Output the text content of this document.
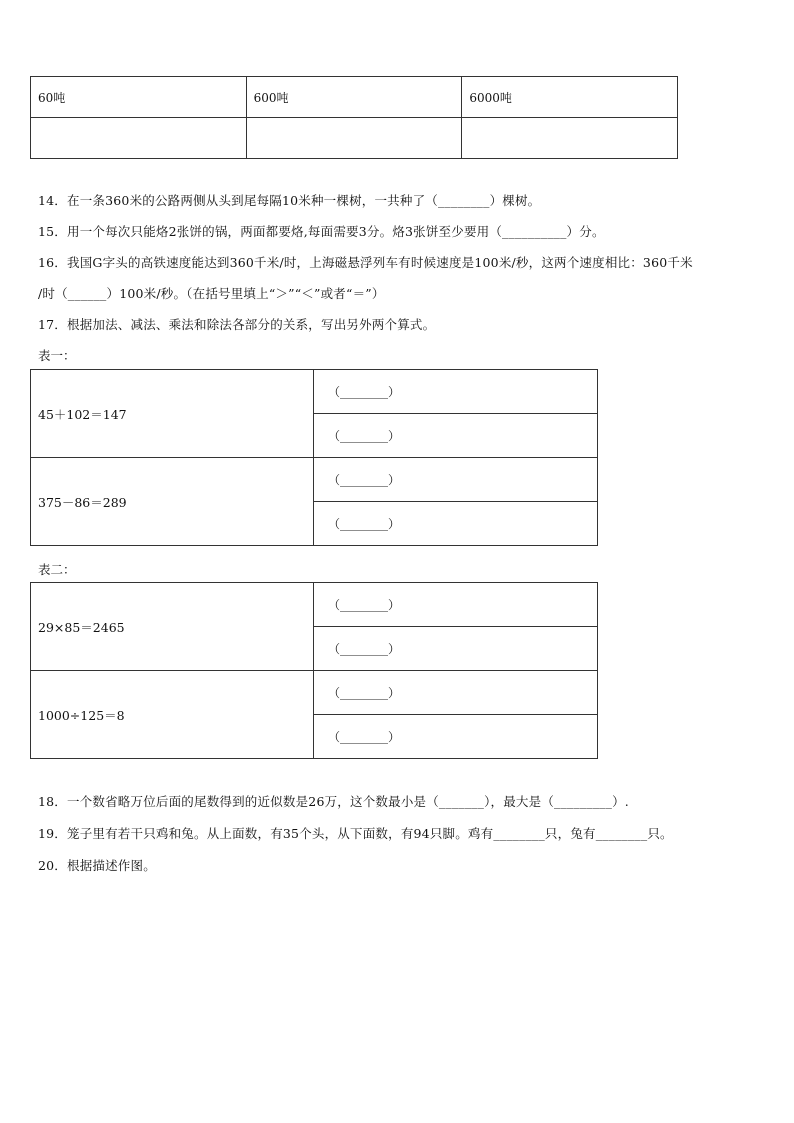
60吨	600吨	6000吨

14．在一条360米的公路两侧从头到尾每隔10米种一棵树，一共种了（________）棵树。
15．用一个每次只能烙2张饼的锅，两面都要烙,每面需要3分。烙3张饼至少要用（__________）分。
16．我国G字头的高铁速度能达到360千米/时，上海磁悬浮列车有时候速度是100米/秒，这两个速度相比：360千米
/时（______）100米/秒。（在括号里填上“＞”“＜”或者“＝”）
17．根据加法、减法、乘法和除法各部分的关系，写出另外两个算式。
表一：
45＋102＝147	（________）
	（________）
375－86＝289	（________）
	（________）
表二：
29×85＝2465	（________）
	（________）
1000÷125＝8	（________）
	（________）
18．一个数省略万位后面的尾数得到的近似数是26万，这个数最小是（_______），最大是（_________）.
19．笼子里有若干只鸡和兔。从上面数，有35个头，从下面数，有94只脚。鸡有________只，兔有________只。
20．根据描述作图。
